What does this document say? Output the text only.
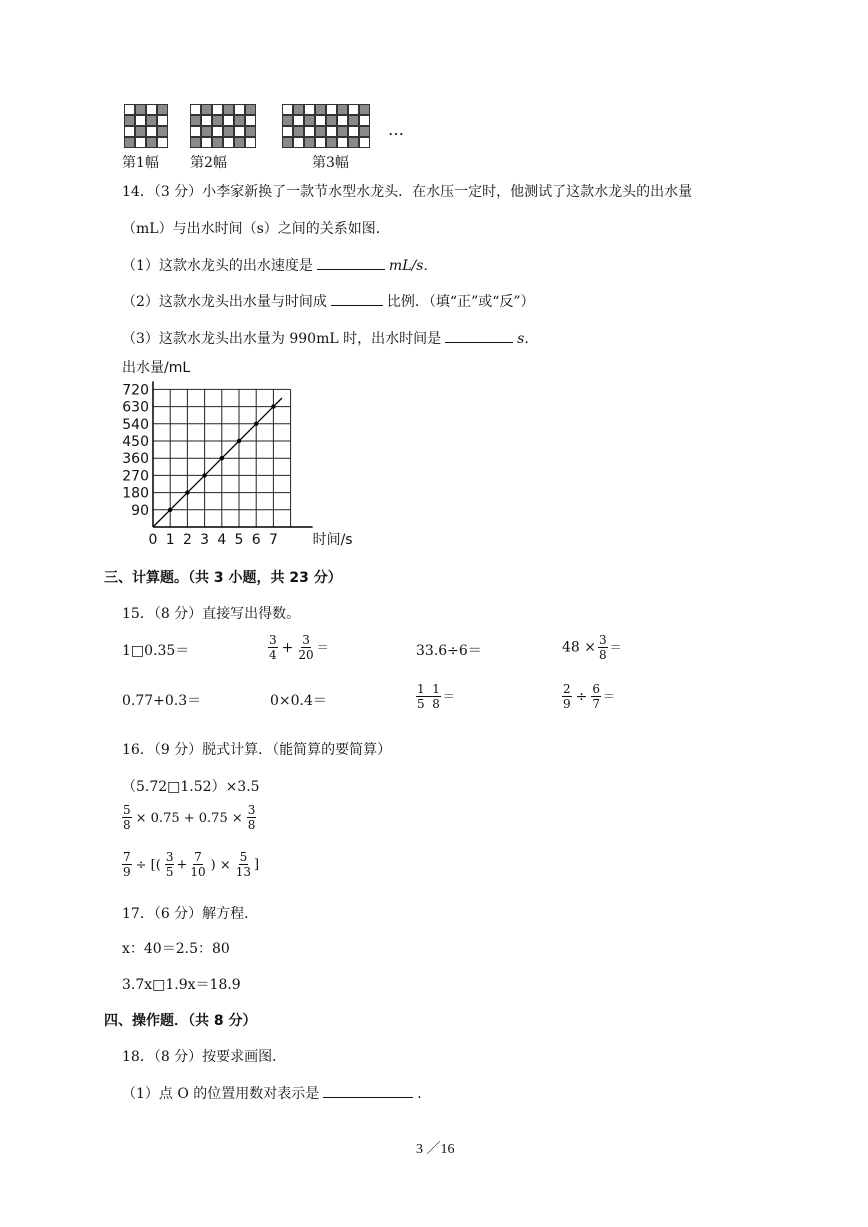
…
第1幅 第2幅	第3幅
14．（3 分）小李家新换了一款节水型水龙头．在水压一定时，他测试了这款水龙头的出水量
（mL）与出水时间（s）之间的关系如图．
（1）这款水龙头的出水速度是	mL/s．
（2）这款水龙头出水量与时间成	比例．（填“正”或“反”）
（3）这款水龙头出水量为 990mL 时，出水时间是	s．
90
180
270
360
450
540
630
720
0 1 2 3 4 5 6 7
出水量/mL
时间/s
三、计算题。（共 3 小题，共 23 分）
15．（8 分）直接写出得数。
1□0.35＝	$\frac{3}{4} + \frac{3}{20}$ ＝	33.6÷6＝	$48 \times \frac{3}{8}$ ＝
0.77+0.3＝	0×0.4＝	$\frac{1 1}{5 8}$ ＝	$\frac{2}{9} \div \frac{6}{7}$ ＝
16．（9 分）脱式计算．（能简算的要简算）
（5.72□1.52）×3.5
$\frac{5}{8} \times 0.75 + 0.75 \times \frac{3}{8}$
$\frac{7}{9}$ ÷ [( $\frac{3}{5} + \frac{7}{10}$ ) × $\frac{5}{13}$ ]
17．（6 分）解方程．
x：40＝2.5：80
3.7x□1.9x＝18.9
四、操作题．（共 8 分）
18．（8 分）按要求画图．
（1）点 O 的位置用数对表示是	．
3 ／16
